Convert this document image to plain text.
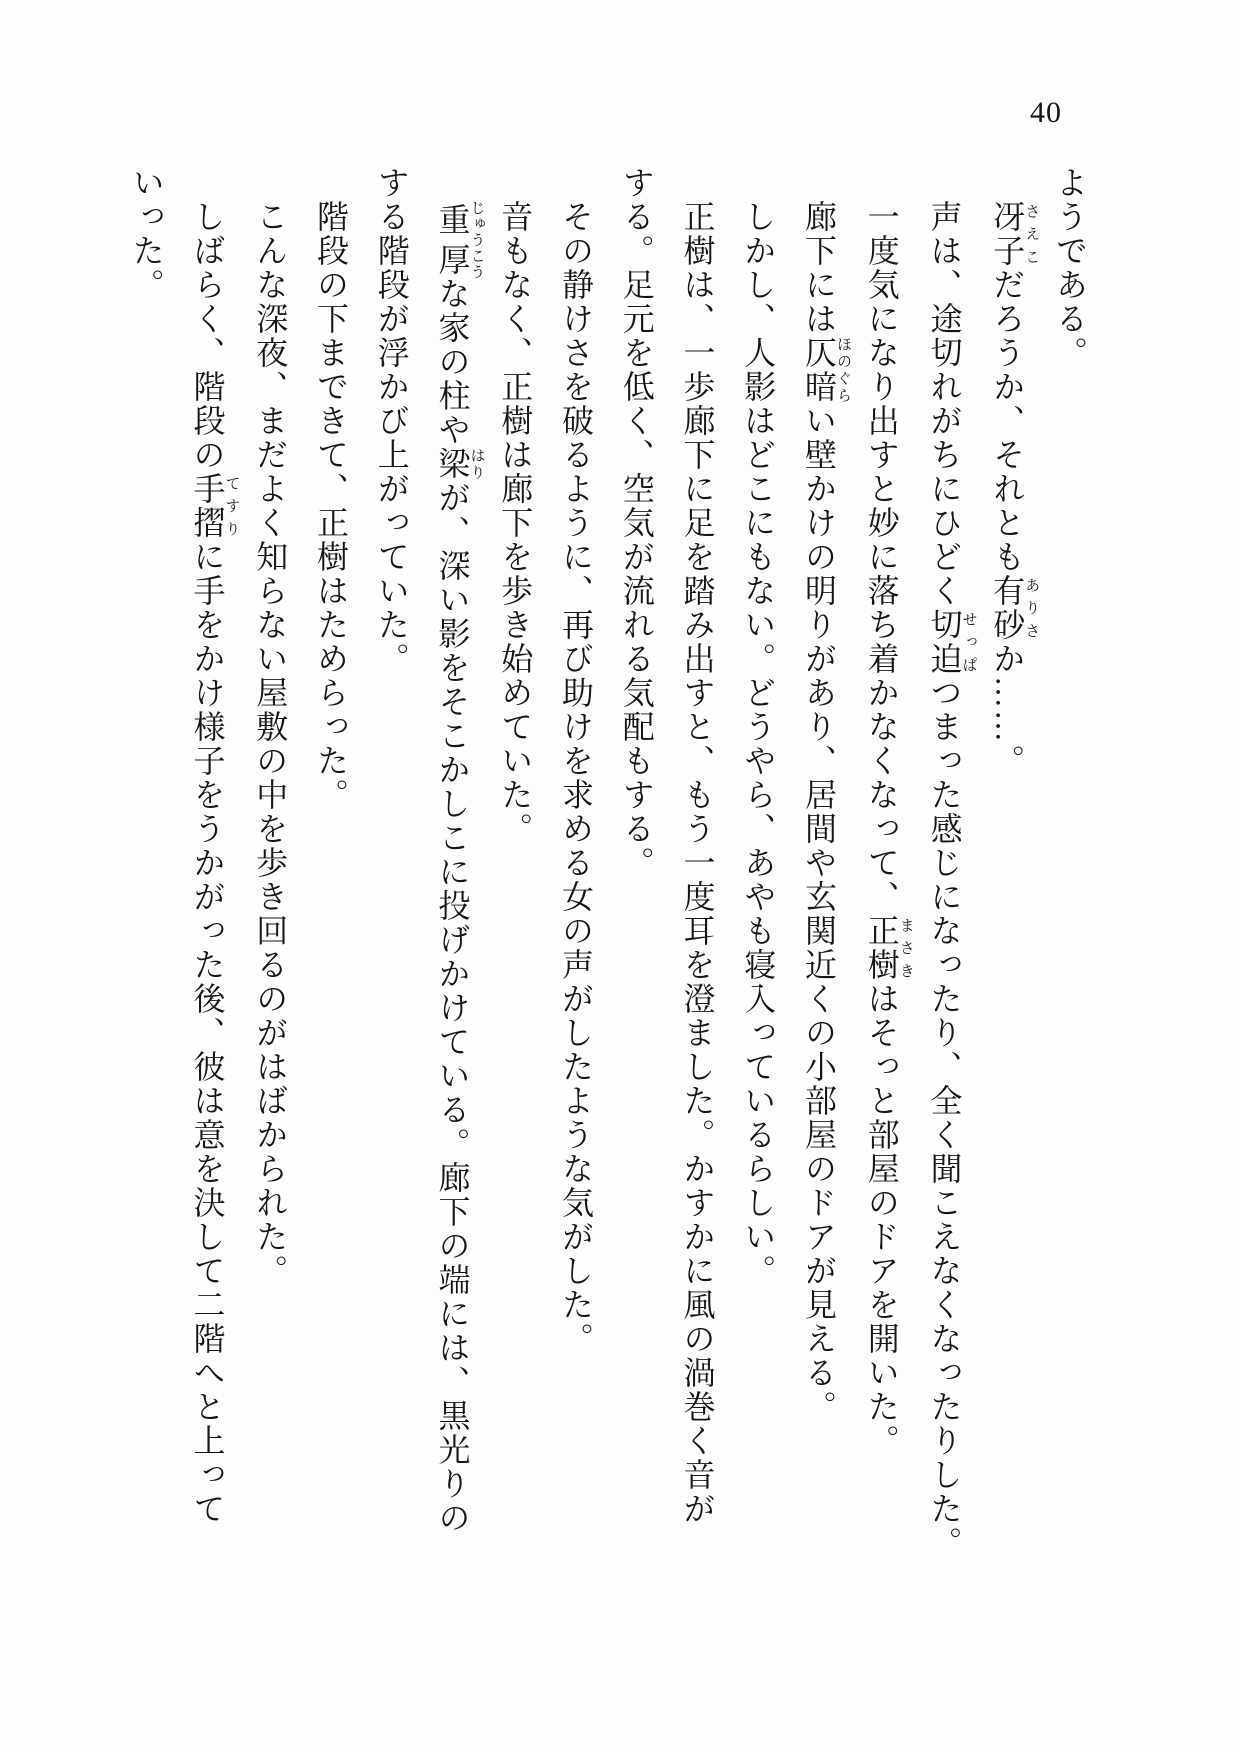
40

ようである。

冴子さえこだろうか、それとも有砂ありさか……。

声は、途切れがちにひどく切迫せっぱつまった感じになったり、全く聞こえなくなったりした。

一度気になり出すと妙に落ち着かなくなって、正樹まさきはそっと部屋のドアを開いた。

廊下には仄暗ほのぐらい壁かけの明りがあり、居間や玄関近くの小部屋のドアが見える。

しかし、人影はどこにもない。どうやら、あやも寝入っているらしい。

正樹は、一歩廊下に足を踏み出すと、もう一度耳を澄ました。かすかに風の渦巻く音が

する。足元を低く、空気が流れる気配もする。

その静けさを破るように、再び助けを求める女の声がしたような気がした。

音もなく、正樹は廊下を歩き始めていた。

重厚じゅうこうな家の柱や梁はりが、深い影をそこかしこに投げかけている。廊下の端には、黒光りの

する階段が浮かび上がっていた。

階段の下まできて、正樹はためらった。

こんな深夜、まだよく知らない屋敷の中を歩き回るのがはばかられた。

しばらく、階段の手摺てすりに手をかけ様子をうかがった後、彼は意を決して二階へと上って

いった。
